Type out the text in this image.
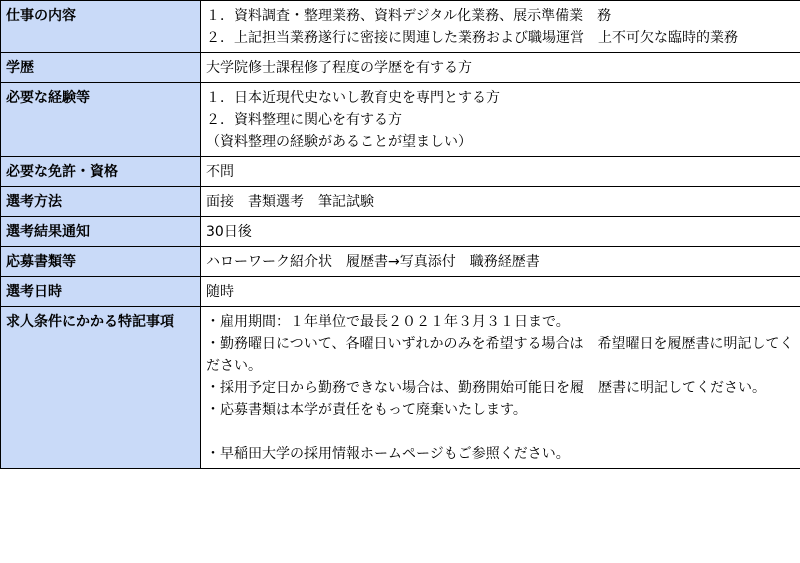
仕事の内容	１．資料調査・整理業務、資料デジタル化業務、展示準備業　務
２．上記担当業務遂行に密接に関連した業務および職場運営　上不可欠な臨時的業務

学歴	大学院修士課程修了程度の学歴を有する方

必要な経験等	１．日本近現代史ないし教育史を専門とする方
２．資料整理に関心を有する方
（資料整理の経験があることが望ましい）

必要な免許・資格	不問

選考方法	面接　書類選考　筆記試験

選考結果通知	30日後

応募書類等	ハローワーク紹介状　履歴書→写真添付　職務経歴書

選考日時	随時

求人条件にかかる特記事項	・雇用期間：１年単位で最長２０２１年３月３１日まで。
・勤務曜日について、各曜日いずれかのみを希望する場合は　希望曜日を履歴書に明記してください。
・採用予定日から勤務できない場合は、勤務開始可能日を履　歴書に明記してください。
・応募書類は本学が責任をもって廃棄いたします。
・早稲田大学の採用情報ホームページもご参照ください。
